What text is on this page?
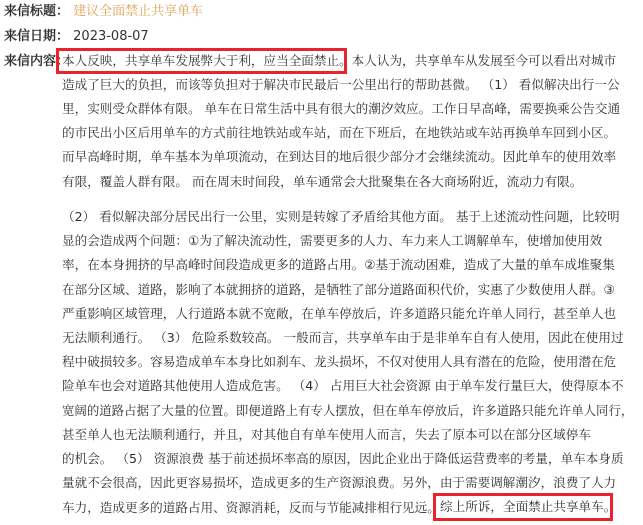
来信标题： 建议全面禁止共享单车
来信日期： 2023-08-07
来信内容：
本人反映，共享单车发展弊大于利，应当全面禁止。本人认为，共享单车从发展至今可以看出对城市
造成了巨大的负担，而该等负担对于解决市民最后一公里出行的帮助甚微。 （1） 看似解决出行一公
里，实则受众群体有限。 单车在日常生活中具有很大的潮汐效应。工作日早高峰，需要换乘公告交通
的市民出小区后用单车的方式前往地铁站或车站，而在下班后，在地铁站或车站再换单车回到小区。
而早高峰时期，单车基本为单项流动，在到达目的地后很少部分才会继续流动。因此单车的使用效率
有限，覆盖人群有限。 而在周末时间段，单车通常会大批聚集在各大商场附近，流动力有限。
（2） 看似解决部分居民出行一公里，实则是转嫁了矛盾给其他方面。 基于上述流动性问题，比较明
显的会造成两个问题：①为了解决流动性，需要更多的人力、车力来人工调解单车，使增加使用效
率，在本身拥挤的早高峰时间段造成更多的道路占用。②基于流动困难，造成了大量的单车成堆聚集
在部分区域、道路，影响了本就拥挤的道路，是牺牲了部分道路面积代价，实惠了少数使用人群。③
严重影响区域管理，人行道路本就不宽敞，在单车停放后，许多道路只能允许单人同行，甚至单人也
无法顺利通行。 （3） 危险系数较高。 一般而言，共享单车由于是非单车自有人使用，因此在使用过
程中破损较多。容易造成单车本身比如刹车、龙头损坏，不仅对使用人具有潜在的危险，使用潜在危
险单车也会对道路其他使用人造成危害。 （4） 占用巨大社会资源 由于单车发行量巨大，使得原本不
宽阔的道路占据了大量的位置。即便道路上有专人摆放，但在单车停放后，许多道路只能允许单人同行，
甚至单人也无法顺利通行，并且，对其他自有单车使用人而言，失去了原本可以在部分区域停车
的机会。 （5） 资源浪费 基于前述损坏率高的原因，因此企业出于降低运营费率的考量，单车本身质
量就不会很高，因此更容易损坏，造成更多的生产资源浪费。另外，由于需要调解潮汐，浪费了人力
车力，造成更多的道路占用、资源消耗，反而与节能减排相行见远。 综上所诉，全面禁止共享单车。
